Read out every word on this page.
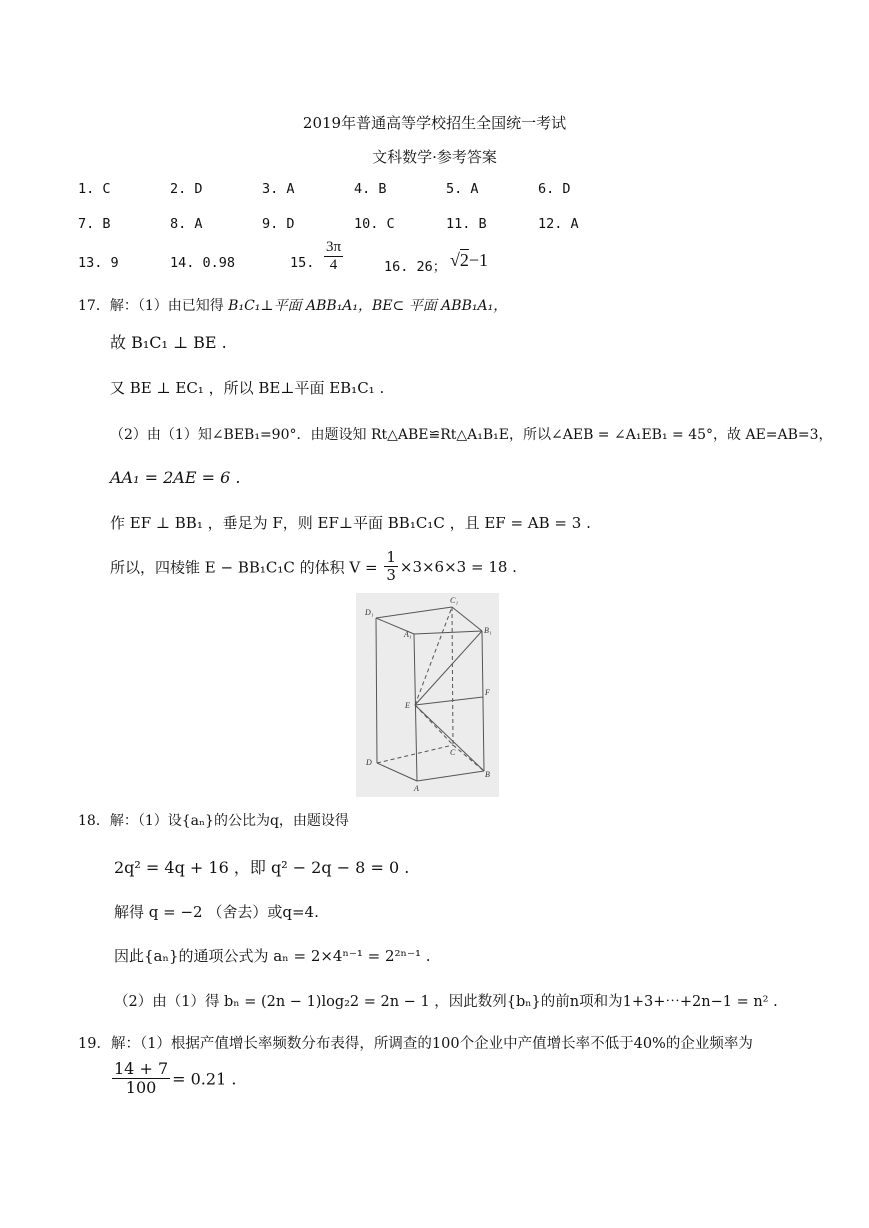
2019年普通高等学校招生全国统一考试
文科数学·参考答案
1. C	2. D	3. A	4. B	5. A	6. D
7. B	8. A	9. D	10. C	11. B	12. A
13. 9	14. 0.98	15. $\frac{3\pi}{4}$	16. 26； √2−1
17．解：（1）由已知得 B₁C₁⊥平面 ABB₁A₁，BE⊂ 平面 ABB₁A₁，
故 B₁C₁ ⊥ BE .
又 BE ⊥ EC₁ ，所以 BE⊥平面 EB₁C₁ .
（2）由（1）知∠BEB₁=90°．由题设知 Rt△ABE≌Rt△A₁B₁E，所以∠AEB = ∠A₁EB₁ = 45°，故 AE=AB=3，
AA₁ = 2AE = 6 .
作 EF ⊥ BB₁ ，垂足为 F，则 EF⊥平面 BB₁C₁C ，且 EF = AB = 3 .
所以，四棱锥 E − BB₁C₁C 的体积 $V = \frac{1}{3} \times 3\times 6\times 3 = 18$ .
D₁
C₁
A₁	B₁
F
E
C
D
B
A
18．解：（1）设{aₙ}的公比为q，由题设得
2q² = 4q + 16 ，即 q² − 2q − 8 = 0 .
解得 q = −2 （舍去）或q=4.
因此{aₙ}的通项公式为 aₙ = 2×4ⁿ⁻¹ = 2²ⁿ⁻¹ .
（2）由（1）得 bₙ = (2n − 1)log₂2 = 2n − 1 ，因此数列{bₙ}的前n项和为1+3+⋯+2n−1 = n² .
19．解：（1）根据产值增长率频数分布表得，所调查的100个企业中产值增长率不低于40%的企业频率为
$\frac{14 + 7}{100} = 0.21$ .
